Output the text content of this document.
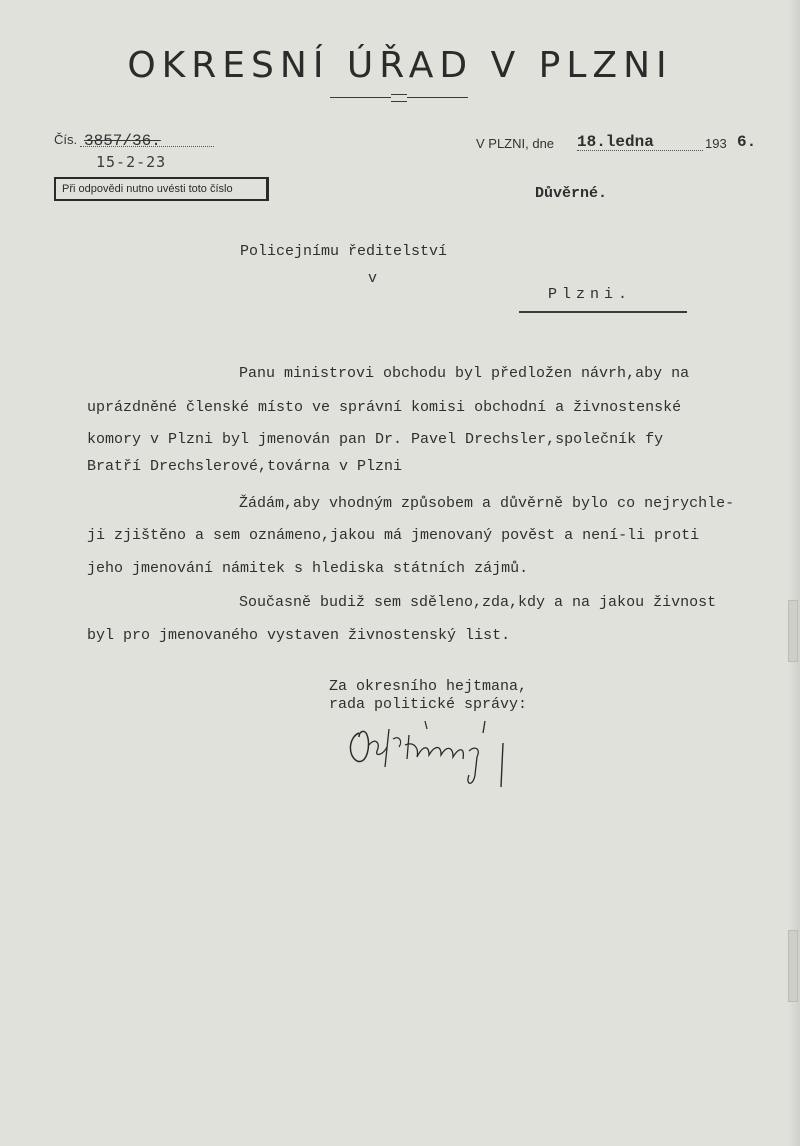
OKRESNÍ ÚŘAD V PLZNI
Čís. 3857/36.
15-2-23
Při odpovědi nutno uvésti toto číslo
V PLZNI, dne 18.ledna	193 6.
Důvěrné.
Policejnímu ředitelství
v
Plzni.
Panu ministrovi obchodu byl předložen návrh,aby na
uprázdněné členské místo ve správní komisi obchodní a živnostenské
komory v Plzni byl jmenován pan Dr. Pavel Drechsler,společník fy
Bratří Drechslerové,továrna v Plzni
Žádám,aby vhodným způsobem a důvěrně bylo co nejrychle-
ji zjištěno a sem oznámeno,jakou má jmenovaný pověst a není-li proti
jeho jmenování námitek s hlediska státních zájmů.
Současně budiž sem sděleno,zda,kdy a na jakou živnost
byl pro jmenovaného vystaven živnostenský list.
Za okresního hejtmana,
rada politické správy:
